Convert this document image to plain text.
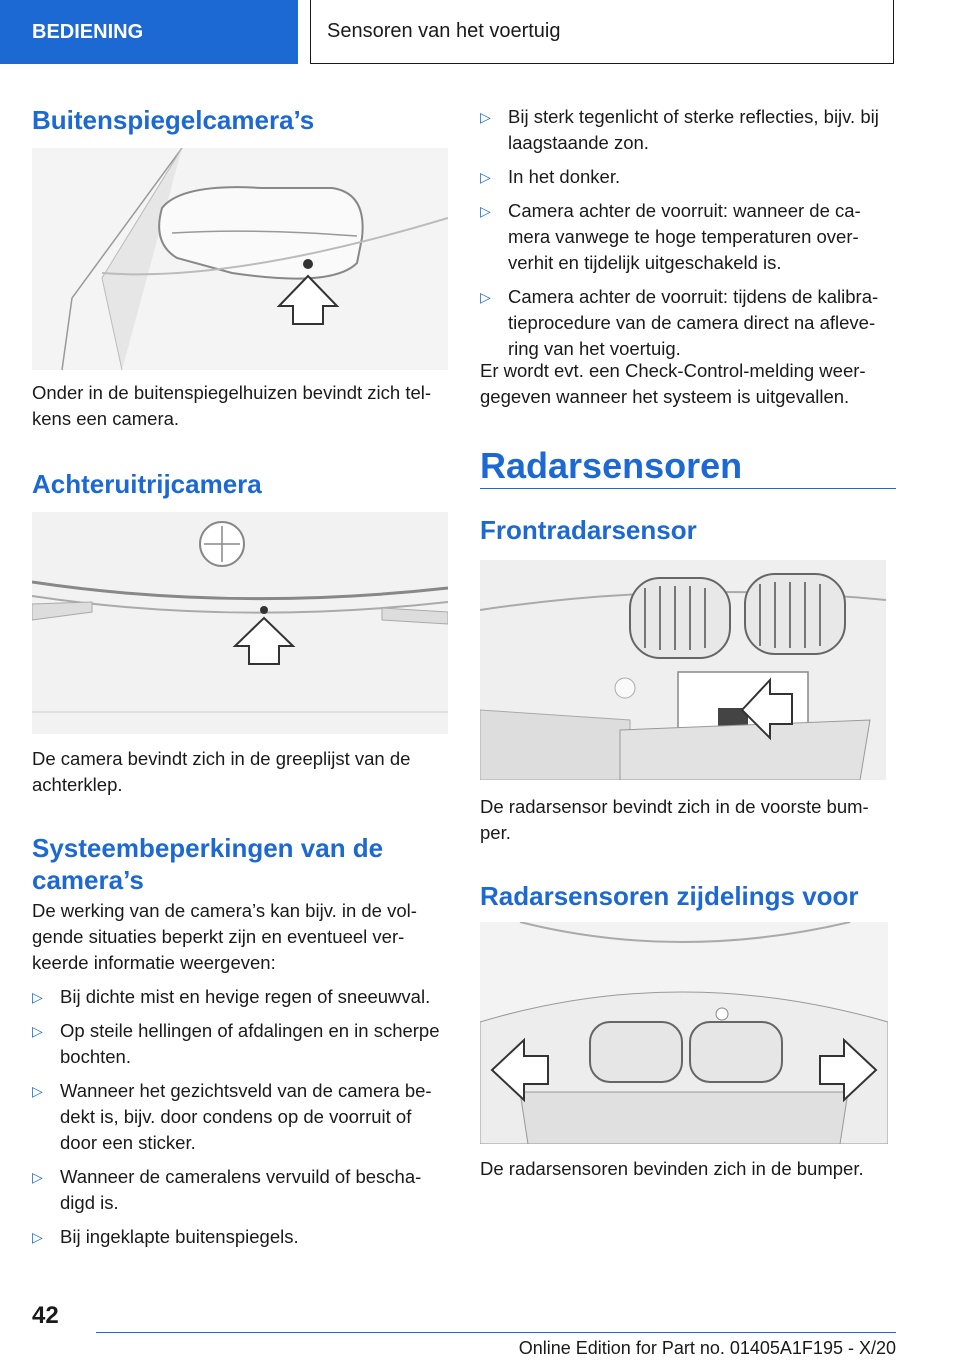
BEDIENING	Sensoren van het voertuig
Buitenspiegelcamera’s

Onder in de buitenspiegelhuizen bevindt zich tel-kens een camera.

Achteruitrijcamera

De camera bevindt zich in de greeplijst van de achterklep.

Systeembeperkingen van de camera’s

De werking van de camera’s kan bijv. in de vol-gende situaties beperkt zijn en eventueel ver-keerde informatie weergeven:

▷ Bij dichte mist en hevige regen of sneeuwval.
▷ Op steile hellingen of afdalingen en in scherpe bochten.
▷ Wanneer het gezichtsveld van de camera be-dekt is, bijv. door condens op de voorruit of door een sticker.
▷ Wanneer de cameralens vervuild of bescha-digd is.
▷ Bij ingeklapte buitenspiegels.
▷ Bij sterk tegenlicht of sterke reflecties, bijv. bij laagstaande zon.
▷ In het donker.
▷ Camera achter de voorruit: wanneer de ca-mera vanwege te hoge temperaturen over-verhit en tijdelijk uitgeschakeld is.
▷ Camera achter de voorruit: tijdens de kalibra-tieprocedure van de camera direct na afleve-ring van het voertuig.

Er wordt evt. een Check-Control-melding weer-gegeven wanneer het systeem is uitgevallen.

Radarsensoren
Frontradarsensor

De radarsensor bevindt zich in de voorste bum-per.

Radarsensoren zijdelings voor

De radarsensoren bevinden zich in de bumper.

42
Online Edition for Part no. 01405A1F195 - X/20
